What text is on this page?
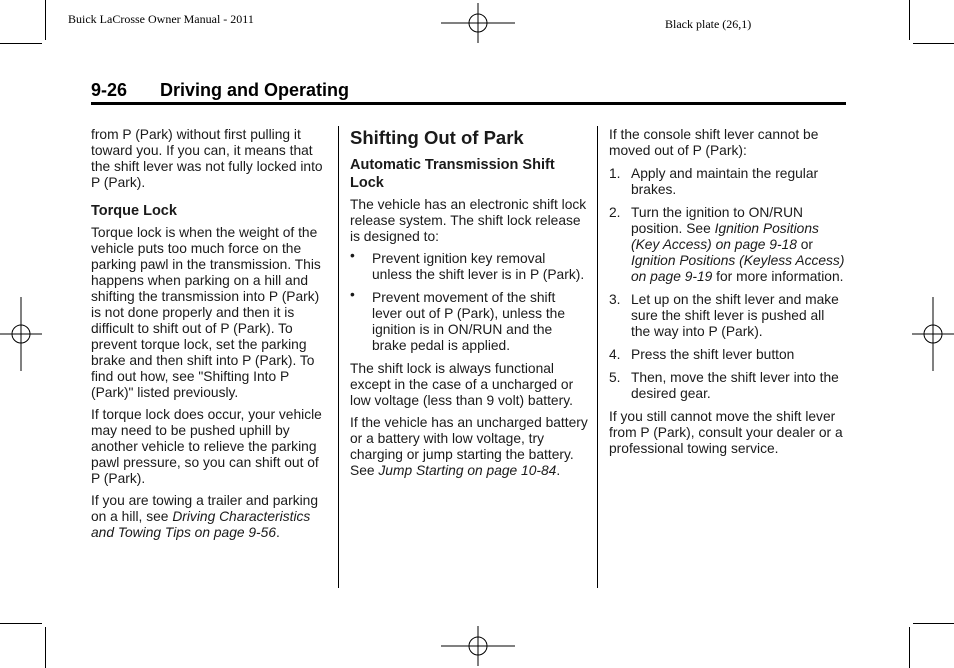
Buick LaCrosse Owner Manual - 2011	Black plate (26,1)
9-26 Driving and Operating

from P (Park) without first pulling it toward you. If you can, it means that the shift lever was not fully locked into P (Park).

Torque Lock

Torque lock is when the weight of the vehicle puts too much force on the parking pawl in the transmission. This happens when parking on a hill and shifting the transmission into P (Park) is not done properly and then it is difficult to shift out of P (Park). To prevent torque lock, set the parking brake and then shift into P (Park). To find out how, see "Shifting Into P (Park)" listed previously.

If torque lock does occur, your vehicle may need to be pushed uphill by another vehicle to relieve the parking pawl pressure, so you can shift out of P (Park).

If you are towing a trailer and parking on a hill, see Driving Characteristics and Towing Tips on page 9-56.

Shifting Out of Park
Automatic Transmission Shift Lock

The vehicle has an electronic shift lock release system. The shift lock release is designed to:

• Prevent ignition key removal unless the shift lever is in P (Park).
• Prevent movement of the shift lever out of P (Park), unless the ignition is in ON/RUN and the brake pedal is applied.

The shift lock is always functional except in the case of a uncharged or low voltage (less than 9 volt) battery.

If the vehicle has an uncharged battery or a battery with low voltage, try charging or jump starting the battery. See Jump Starting on page 10-84.

If the console shift lever cannot be moved out of P (Park):

1. Apply and maintain the regular brakes.
2. Turn the ignition to ON/RUN position. See Ignition Positions (Key Access) on page 9-18 or Ignition Positions (Keyless Access) on page 9-19 for more information.
3. Let up on the shift lever and make sure the shift lever is pushed all the way into P (Park).
4. Press the shift lever button
5. Then, move the shift lever into the desired gear.

If you still cannot move the shift lever from P (Park), consult your dealer or a professional towing service.
